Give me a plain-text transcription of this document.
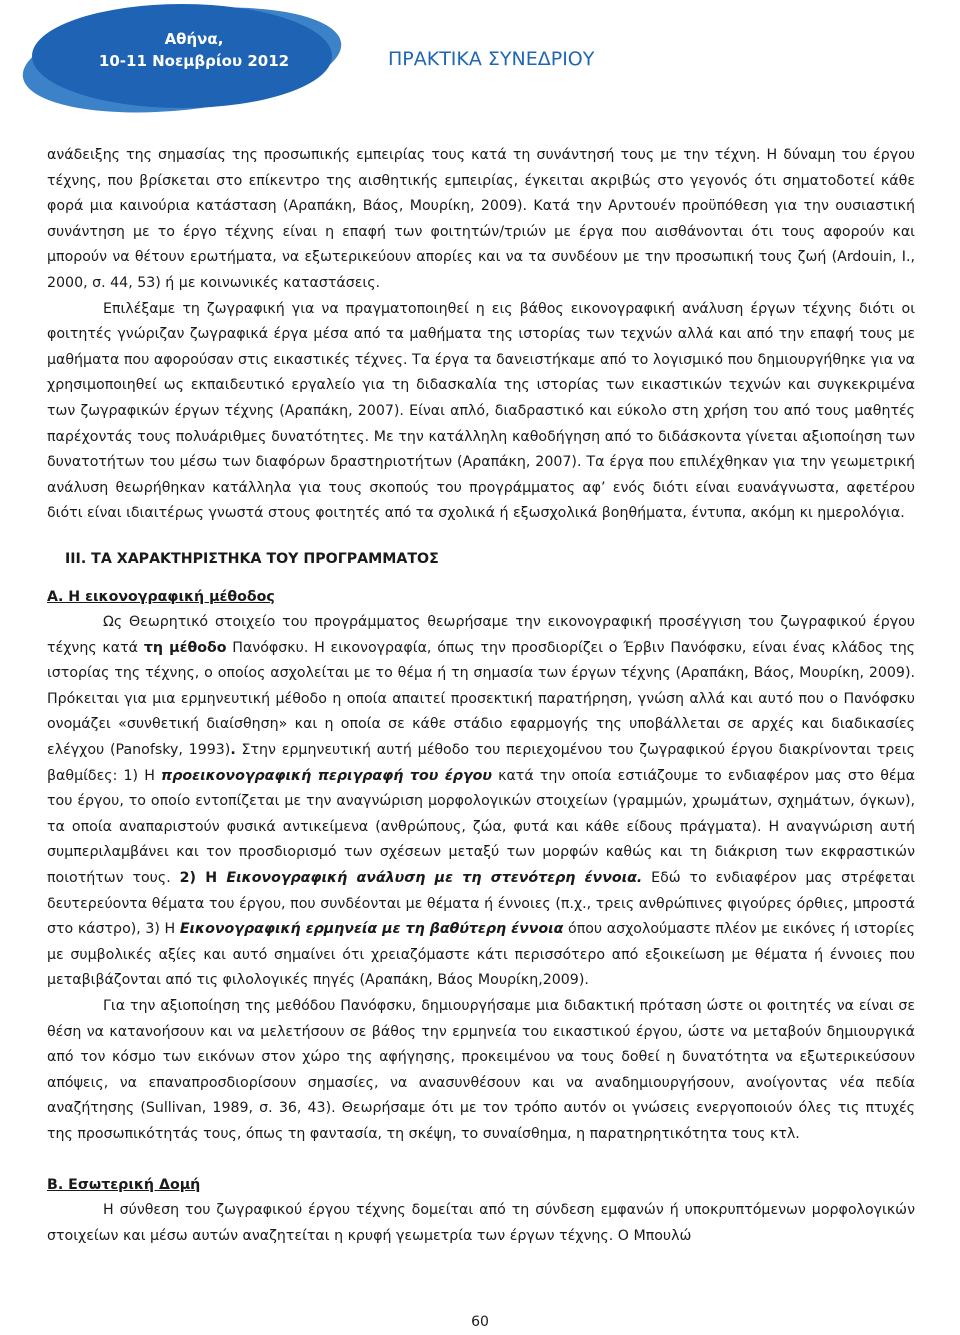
Αθήνα,
10-11 Νοεμβρίου 2012	ΠΡΑΚΤΙΚΑ ΣΥΝΕΔΡΙΟΥ

ανάδειξης της σημασίας της προσωπικής εμπειρίας τους κατά τη συνάντησή τους με την τέχνη. Η δύναμη του έργου τέχνης, που βρίσκεται στο επίκεντρο της αισθητικής εμπειρίας, έγκειται ακριβώς στο γεγονός ότι σηματοδοτεί κάθε φορά μια καινούρια κατάσταση (Αραπάκη, Βάος, Μουρίκη, 2009). Κατά την Αρντουέν προϋπόθεση για την ουσιαστική συνάντηση με το έργο τέχνης είναι η επαφή των φοιτητών/τριών με έργα που αισθάνονται ότι τους αφορούν και μπορούν να θέτουν ερωτήματα, να εξωτερικεύουν απορίες και να τα συνδέουν με την προσωπική τους ζωή (Ardouin, I., 2000, σ. 44, 53) ή με κοινωνικές καταστάσεις.

Επιλέξαμε τη ζωγραφική για να πραγματοποιηθεί η εις βάθος εικονογραφική ανάλυση έργων τέχνης διότι οι φοιτητές γνώριζαν ζωγραφικά έργα μέσα από τα μαθήματα της ιστορίας των τεχνών αλλά και από την επαφή τους με μαθήματα που αφορούσαν στις εικαστικές τέχνες. Τα έργα τα δανειστήκαμε από το λογισμικό που δημιουργήθηκε για να χρησιμοποιηθεί ως εκπαιδευτικό εργαλείο για τη διδασκαλία της ιστορίας των εικαστικών τεχνών και συγκεκριμένα των ζωγραφικών έργων τέχνης (Αραπάκη, 2007). Είναι απλό, διαδραστικό και εύκολο στη χρήση του από τους μαθητές παρέχοντάς τους πολυάριθμες δυνατότητες. Με την κατάλληλη καθοδήγηση από το διδάσκοντα γίνεται αξιοποίηση των δυνατοτήτων του μέσω των διαφόρων δραστηριοτήτων (Αραπάκη, 2007). Τα έργα που επιλέχθηκαν για την γεωμετρική ανάλυση θεωρήθηκαν κατάλληλα για τους σκοπούς του προγράμματος αφ’ ενός διότι είναι ευανάγνωστα, αφετέρου διότι είναι ιδιαιτέρως γνωστά στους φοιτητές από τα σχολικά ή εξωσχολικά βοηθήματα, έντυπα, ακόμη κι ημερολόγια.

III. ΤΑ ΧΑΡΑΚΤΗΡΙΣΤΗΚΑ ΤΟΥ ΠΡΟΓΡΑΜΜΑΤΟΣ

Α. Η εικονογραφική μέθοδος

Ως Θεωρητικό στοιχείο του προγράμματος θεωρήσαμε την εικονογραφική προσέγγιση του ζωγραφικού έργου τέχνης κατά τη μέθοδο Πανόφσκυ. Η εικονογραφία, όπως την προσδιορίζει ο Έρβιν Πανόφσκυ, είναι ένας κλάδος της ιστορίας της τέχνης, ο οποίος ασχολείται με το θέμα ή τη σημασία των έργων τέχνης (Αραπάκη, Βάος, Μουρίκη, 2009). Πρόκειται για μια ερμηνευτική μέθοδο η οποία απαιτεί προσεκτική παρατήρηση, γνώση αλλά και αυτό που ο Πανόφσκυ ονομάζει «συνθετική διαίσθηση» και η οποία σε κάθε στάδιο εφαρμογής της υποβάλλεται σε αρχές και διαδικασίες ελέγχου (Panofsky, 1993). Στην ερμηνευτική αυτή μέθοδο του περιεχομένου του ζωγραφικού έργου διακρίνονται τρεις βαθμίδες: 1) Η προεικονογραφική περιγραφή του έργου κατά την οποία εστιάζουμε το ενδιαφέρον μας στο θέμα του έργου, το οποίο εντοπίζεται με την αναγνώριση μορφολογικών στοιχείων (γραμμών, χρωμάτων, σχημάτων, όγκων), τα οποία αναπαριστούν φυσικά αντικείμενα (ανθρώπους, ζώα, φυτά και κάθε είδους πράγματα). Η αναγνώριση αυτή συμπεριλαμβάνει και τον προσδιορισμό των σχέσεων μεταξύ των μορφών καθώς και τη διάκριση των εκφραστικών ποιοτήτων τους. 2) Η Εικονογραφική ανάλυση με τη στενότερη έννοια. Εδώ το ενδιαφέρον μας στρέφεται δευτερεύοντα θέματα του έργου, που συνδέονται με θέματα ή έννοιες (π.χ., τρεις ανθρώπινες φιγούρες όρθιες, μπροστά στο κάστρο), 3) Η Εικονογραφική ερμηνεία με τη βαθύτερη έννοια όπου ασχολούμαστε πλέον με εικόνες ή ιστορίες με συμβολικές αξίες και αυτό σημαίνει ότι χρειαζόμαστε κάτι περισσότερο από εξοικείωση με θέματα ή έννοιες που μεταβιβάζονται από τις φιλολογικές πηγές (Αραπάκη, Βάος Μουρίκη,2009).

Για την αξιοποίηση της μεθόδου Πανόφσκυ, δημιουργήσαμε μια διδακτική πρόταση ώστε οι φοιτητές να είναι σε θέση να κατανοήσουν και να μελετήσουν σε βάθος την ερμηνεία του εικαστικού έργου, ώστε να μεταβούν δημιουργικά από τον κόσμο των εικόνων στον χώρο της αφήγησης, προκειμένου να τους δοθεί η δυνατότητα να εξωτερικεύσουν απόψεις, να επαναπροσδιορίσουν σημασίες, να ανασυνθέσουν και να αναδημιουργήσουν, ανοίγοντας νέα πεδία αναζήτησης (Sullivan, 1989, σ. 36, 43). Θεωρήσαμε ότι με τον τρόπο αυτόν οι γνώσεις ενεργοποιούν όλες τις πτυχές της προσωπικότητάς τους, όπως τη φαντασία, τη σκέψη, το συναίσθημα, η παρατηρητικότητα τους κτλ.

Β. Εσωτερική Δομή

Η σύνθεση του ζωγραφικού έργου τέχνης δομείται από τη σύνδεση εμφανών ή υποκρυπτόμενων μορφολογικών στοιχείων και μέσω αυτών αναζητείται η κρυφή γεωμετρία των έργων τέχνης. Ο Μπουλώ

60
